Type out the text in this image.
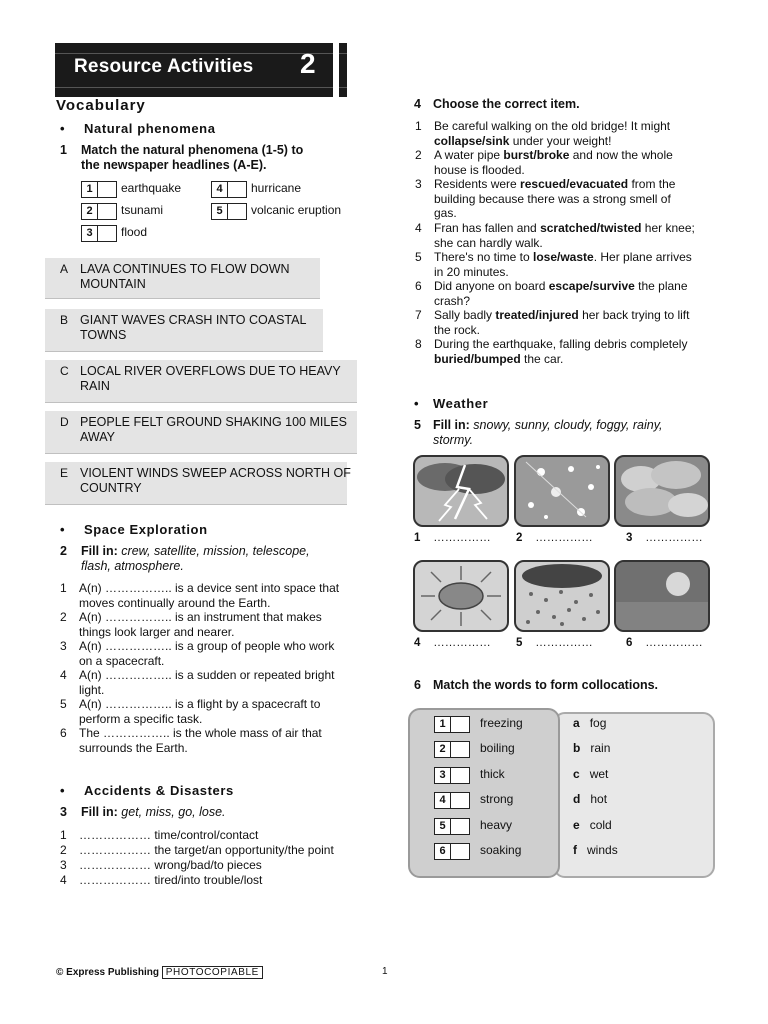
Resource Activities 2
Vocabulary
• Natural phenomena
1 Match the natural phenomena (1-5) to
the newspaper headlines (A-E).
1	earthquake
2	tsunami
3	flood
4	hurricane
5	volcanic eruption
A LAVA CONTINUES TO FLOW DOWN MOUNTAIN
B GIANT WAVES CRASH INTO COASTAL TOWNS
C LOCAL RIVER OVERFLOWS DUE TO HEAVY RAIN
D PEOPLE FELT GROUND SHAKING 100 MILES AWAY
E VIOLENT WINDS SWEEP ACROSS NORTH OF COUNTRY
• Space Exploration
2 Fill in: crew, satellite, mission, telescope,
flash, atmosphere.
1 A(n) …………….. is a device sent into space that
moves continually around the Earth.
2 A(n) …………….. is an instrument that makes
things look larger and nearer.
3 A(n) …………….. is a group of people who work
on a spacecraft.
4 A(n) …………….. is a sudden or repeated bright
light.
5 A(n) …………….. is a flight by a spacecraft to
perform a specific task.
6 The …………….. is the whole mass of air that
surrounds the Earth.
• Accidents & Disasters
3 Fill in: get, miss, go, lose.
1 ……………… time/control/contact
2 ……………… the target/an opportunity/the point
3 ……………… wrong/bad/to pieces
4 ……………… tired/into trouble/lost
4 Choose the correct item.
1 Be careful walking on the old bridge! It might
collapse/sink under your weight!
2 A water pipe burst/broke and now the whole
house is flooded.
3 Residents were rescued/evacuated from the
building because there was a strong smell of
gas.
4 Fran has fallen and scratched/twisted her knee;
she can hardly walk.
5 There's no time to lose/waste. Her plane arrives
in 20 minutes.
6 Did anyone on board escape/survive the plane
crash?
7 Sally badly treated/injured her back trying to lift
the rock.
8 During the earthquake, falling debris completely
buried/bumped the car.
• Weather
5 Fill in: snowy, sunny, cloudy, foggy, rainy,
stormy.
1 …………… 2 ……………	3 ……………
4 …………… 5 ……………	6 ……………
6 Match the words to form collocations.
1	freezing
2	boiling
3	thick
4	strong
5	heavy
6	soaking
a fog
b rain
c wet
d hot
e cold
f winds
© Express Publishing PHOTOCOPIABLE	1
